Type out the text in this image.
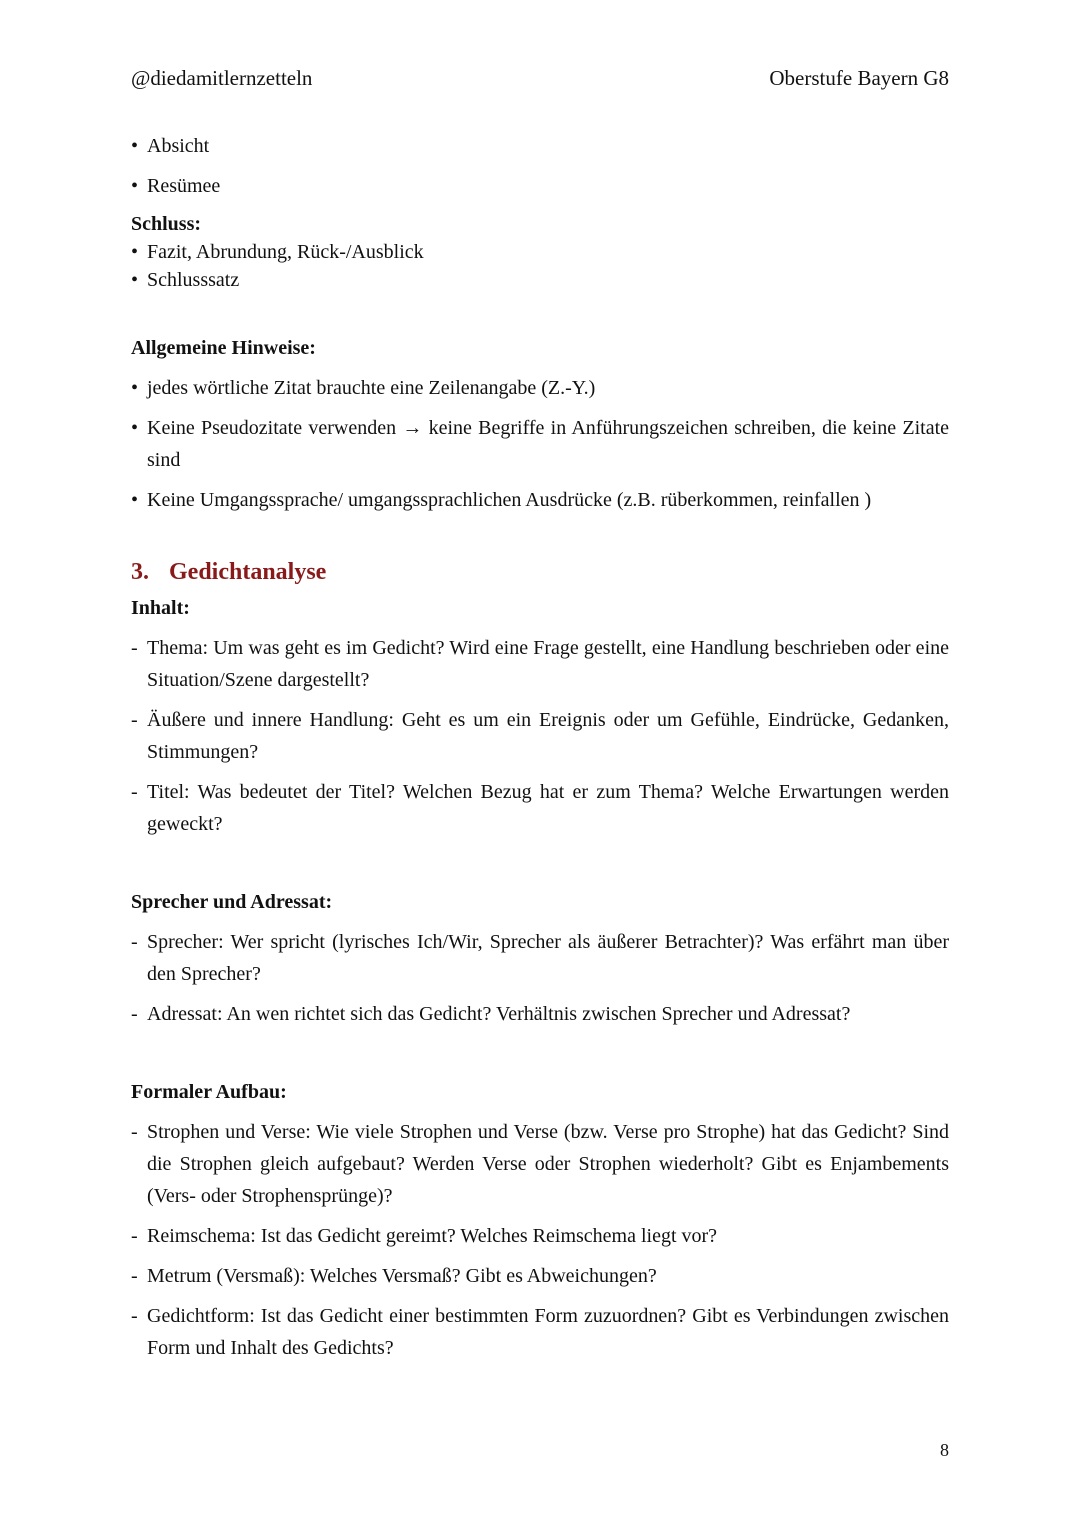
@diedamitlernzetteln	Oberstufe Bayern G8
• Absicht
• Resümee
Schluss:
• Fazit, Abrundung, Rück-/Ausblick
• Schlusssatz
Allgemeine Hinweise:
• jedes wörtliche Zitat brauchte eine Zeilenangabe (Z.-Y.)
• Keine Pseudozitate verwenden → keine Begriffe in Anführungszeichen schreiben, die keine Zitate sind
• Keine Umgangssprache/ umgangssprachlichen Ausdrücke (z.B. rüberkommen, reinfallen )
3. Gedichtanalyse
Inhalt:
- Thema: Um was geht es im Gedicht? Wird eine Frage gestellt, eine Handlung beschrieben oder eine Situation/Szene dargestellt?
- Äußere und innere Handlung: Geht es um ein Ereignis oder um Gefühle, Eindrücke, Gedanken, Stimmungen?
- Titel: Was bedeutet der Titel? Welchen Bezug hat er zum Thema? Welche Erwartungen werden geweckt?
Sprecher und Adressat:
- Sprecher: Wer spricht (lyrisches Ich/Wir, Sprecher als äußerer Betrachter)? Was erfährt man über den Sprecher?
- Adressat: An wen richtet sich das Gedicht? Verhältnis zwischen Sprecher und Adressat?
Formaler Aufbau:
- Strophen und Verse: Wie viele Strophen und Verse (bzw. Verse pro Strophe) hat das Gedicht? Sind die Strophen gleich aufgebaut? Werden Verse oder Strophen wiederholt? Gibt es Enjambements (Vers- oder Strophensprünge)?
- Reimschema: Ist das Gedicht gereimt? Welches Reimschema liegt vor?
- Metrum (Versmaß): Welches Versmaß? Gibt es Abweichungen?
- Gedichtform: Ist das Gedicht einer bestimmten Form zuzuordnen? Gibt es Verbindungen zwischen Form und Inhalt des Gedichts?
8
